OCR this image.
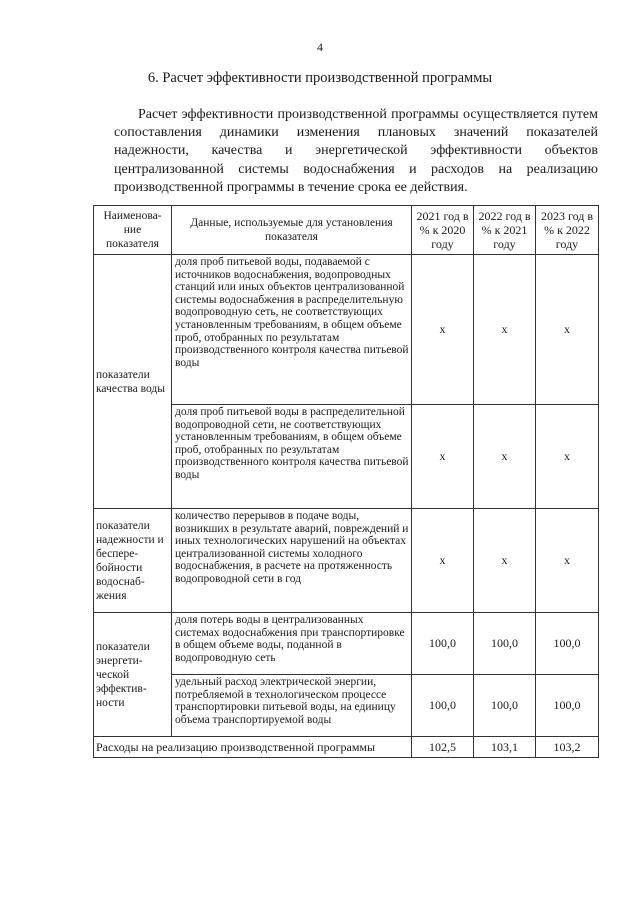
4
6. Расчет эффективности производственной программы

Расчет эффективности производственной программы осуществляется путем сопоставления динамики изменения плановых значений показателей надежности, качества и энергетической эффективности объектов централизованной системы водоснабжения и расходов на реализацию производственной программы в течение срока ее действия.

Наименова-ние показателя	Данные, используемые для установления показателя	2021 год в % к 2020 году	2022 год в % к 2021 году	2023 год в % к 2022 году
показатели качества воды	доля проб питьевой воды, подаваемой с источников водоснабжения, водопроводных станций или иных объектов централизованной системы водоснабжения в распределительную водопроводную сеть, не соответствующих установленным требованиям, в общем объеме проб, отобранных по результатам производственного контроля качества питьевой воды	x	x	x
	доля проб питьевой воды в распределительной водопроводной сети, не соответствующих установленным требованиям, в общем объеме проб, отобранных по результатам производственного контроля качества питьевой воды	x	x	x
показатели надежности и беспере-бойности водоснаб-жения	количество перерывов в подаче воды, возникших в результате аварий, повреждений и иных технологических нарушений на объектах централизованной системы холодного водоснабжения, в расчете на протяженность водопроводной сети в год	x	x	x
показатели энергети-ческой эффектив-ности	доля потерь воды в централизованных системах водоснабжения при транспортировке в общем объеме воды, поданной в водопроводную сеть	100,0	100,0	100,0
	удельный расход электрической энергии, потребляемой в технологическом процессе транспортировки питьевой воды, на единицу объема транспортируемой воды	100,0	100,0	100,0
Расходы на реализацию производственной программы		102,5	103,1	103,2
